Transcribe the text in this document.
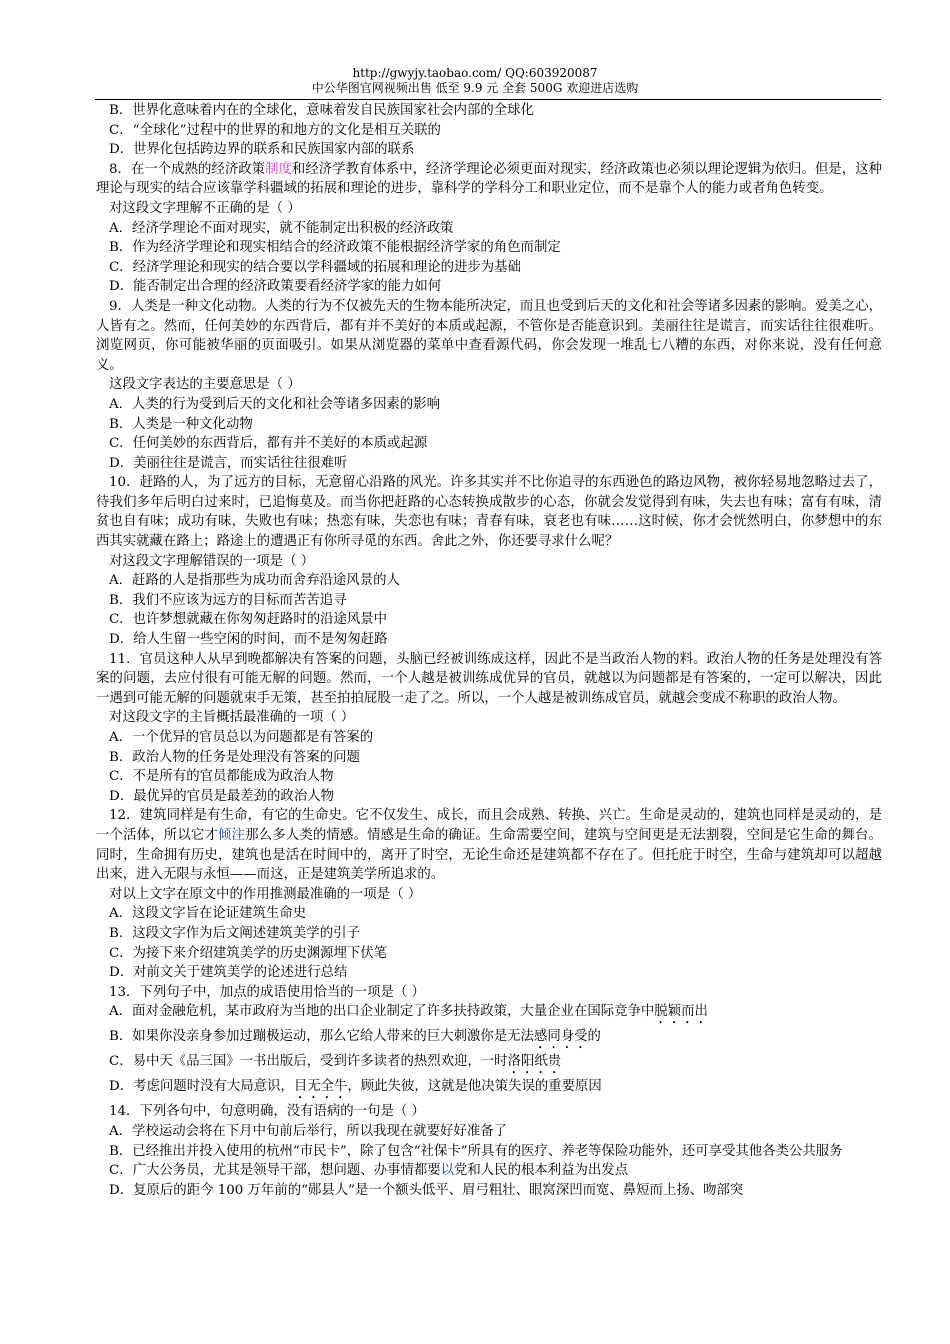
http://gwyjy.taobao.com/ QQ:603920087
中公华图官网视频出售 低至 9.9 元 全套 500G 欢迎进店选购

B．世界化意味着内在的全球化，意味着发自民族国家社会内部的全球化

C．“全球化”过程中的世界的和地方的文化是相互关联的

D．世界化包括跨边界的联系和民族国家内部的联系

8．在一个成熟的经济政策制度和经济学教育体系中，经济学理论必须更面对现实，经济政策也必须以理论逻辑为依归。但是，这种理论与现实的结合应该靠学科疆域的拓展和理论的进步，靠科学的学科分工和职业定位，而不是靠个人的能力或者角色转变。

对这段文字理解不正确的是（ ）

A．经济学理论不面对现实，就不能制定出积极的经济政策

B．作为经济学理论和现实相结合的经济政策不能根据经济学家的角色而制定

C．经济学理论和现实的结合要以学科疆域的拓展和理论的进步为基础

D．能否制定出合理的经济政策要看经济学家的能力如何

9．人类是一种文化动物。人类的行为不仅被先天的生物本能所决定，而且也受到后天的文化和社会等诸多因素的影响。爱美之心，人皆有之。然而，任何美妙的东西背后，都有并不美好的本质或起源，不管你是否能意识到。美丽往往是谎言，而实话往往很难听。浏览网页，你可能被华丽的页面吸引。如果从浏览器的菜单中查看源代码，你会发现一堆乱七八糟的东西，对你来说，没有任何意义。

这段文字表达的主要意思是（ ）

A．人类的行为受到后天的文化和社会等诸多因素的影响

B．人类是一种文化动物

C．任何美妙的东西背后，都有并不美好的本质或起源

D．美丽往往是谎言，而实话往往很难听

10．赶路的人，为了远方的目标，无意留心沿路的风光。许多其实并不比你追寻的东西逊色的路边风物，被你轻易地忽略过去了，待我们多年后明白过来时，已追悔莫及。而当你把赶路的心态转换成散步的心态，你就会发觉得到有味，失去也有味；富有有味，清贫也自有味；成功有味，失败也有味；热恋有味，失恋也有味；青春有味，衰老也有味……这时候，你才会恍然明白，你梦想中的东西其实就藏在路上；路途上的遭遇正有你所寻觅的东西。舍此之外，你还要寻求什么呢？

对这段文字理解错误的一项是（ ）

A．赶路的人是指那些为成功而舍弃沿途风景的人

B．我们不应该为远方的目标而苦苦追寻

C．也许梦想就藏在你匆匆赶路时的沿途风景中

D．给人生留一些空闲的时间，而不是匆匆赶路

11．官员这种人从早到晚都解决有答案的问题，头脑已经被训练成这样，因此不是当政治人物的料。政治人物的任务是处理没有答案的问题，去应付很有可能无解的问题。然而，一个人越是被训练成优异的官员，就越以为问题都是有答案的，一定可以解决，因此一遇到可能无解的问题就束手无策，甚至拍拍屁股一走了之。所以，一个人越是被训练成官员，就越会变成不称职的政治人物。

对这段文字的主旨概括最准确的一项（ ）

A．一个优异的官员总以为问题都是有答案的

B．政治人物的任务是处理没有答案的问题

C．不是所有的官员都能成为政治人物

D．最优异的官员是最差劲的政治人物

12．建筑同样是有生命，有它的生命史。它不仅发生、成长，而且会成熟、转换、兴亡。生命是灵动的，建筑也同样是灵动的，是一个活体，所以它才倾注那么多人类的情感。情感是生命的确证。生命需要空间，建筑与空间更是无法割裂，空间是它生命的舞台。同时，生命拥有历史，建筑也是活在时间中的，离开了时空，无论生命还是建筑都不存在了。但托庇于时空，生命与建筑却可以超越出来，进入无限与永恒——而这，正是建筑美学所追求的。

对以上文字在原文中的作用推测最准确的一项是（ ）

A．这段文字旨在论证建筑生命史

B．这段文字作为后文阐述建筑美学的引子

C．为接下来介绍建筑美学的历史渊源埋下伏笔

D．对前文关于建筑美学的论述进行总结

13．下列句子中，加点的成语使用恰当的一项是（ ）

A．面对金融危机，某市政府为当地的出口企业制定了许多扶持政策，大量企业在国际竞争中脱颖而出

B．如果你没亲身参加过蹦极运动，那么它给人带来的巨大刺激你是无法感同身受的

C．易中天《品三国》一书出版后，受到许多读者的热烈欢迎，一时洛阳纸贵

D．考虑问题时没有大局意识，目无全牛，顾此失彼，这就是他决策失误的重要原因

14．下列各句中，句意明确，没有语病的一句是（ ）

A．学校运动会将在下月中旬前后举行，所以我现在就要好好准备了

B．已经推出并投入使用的杭州“市民卡”，除了包含“社保卡”所具有的医疗、养老等保险功能外，还可享受其他各类公共服务

C．广大公务员，尤其是领导干部，想问题、办事情都要以党和人民的根本利益为出发点

D．复原后的距今 100 万年前的“郧县人”是一个额头低平、眉弓粗壮、眼窝深凹而宽、鼻短而上扬、吻部突
